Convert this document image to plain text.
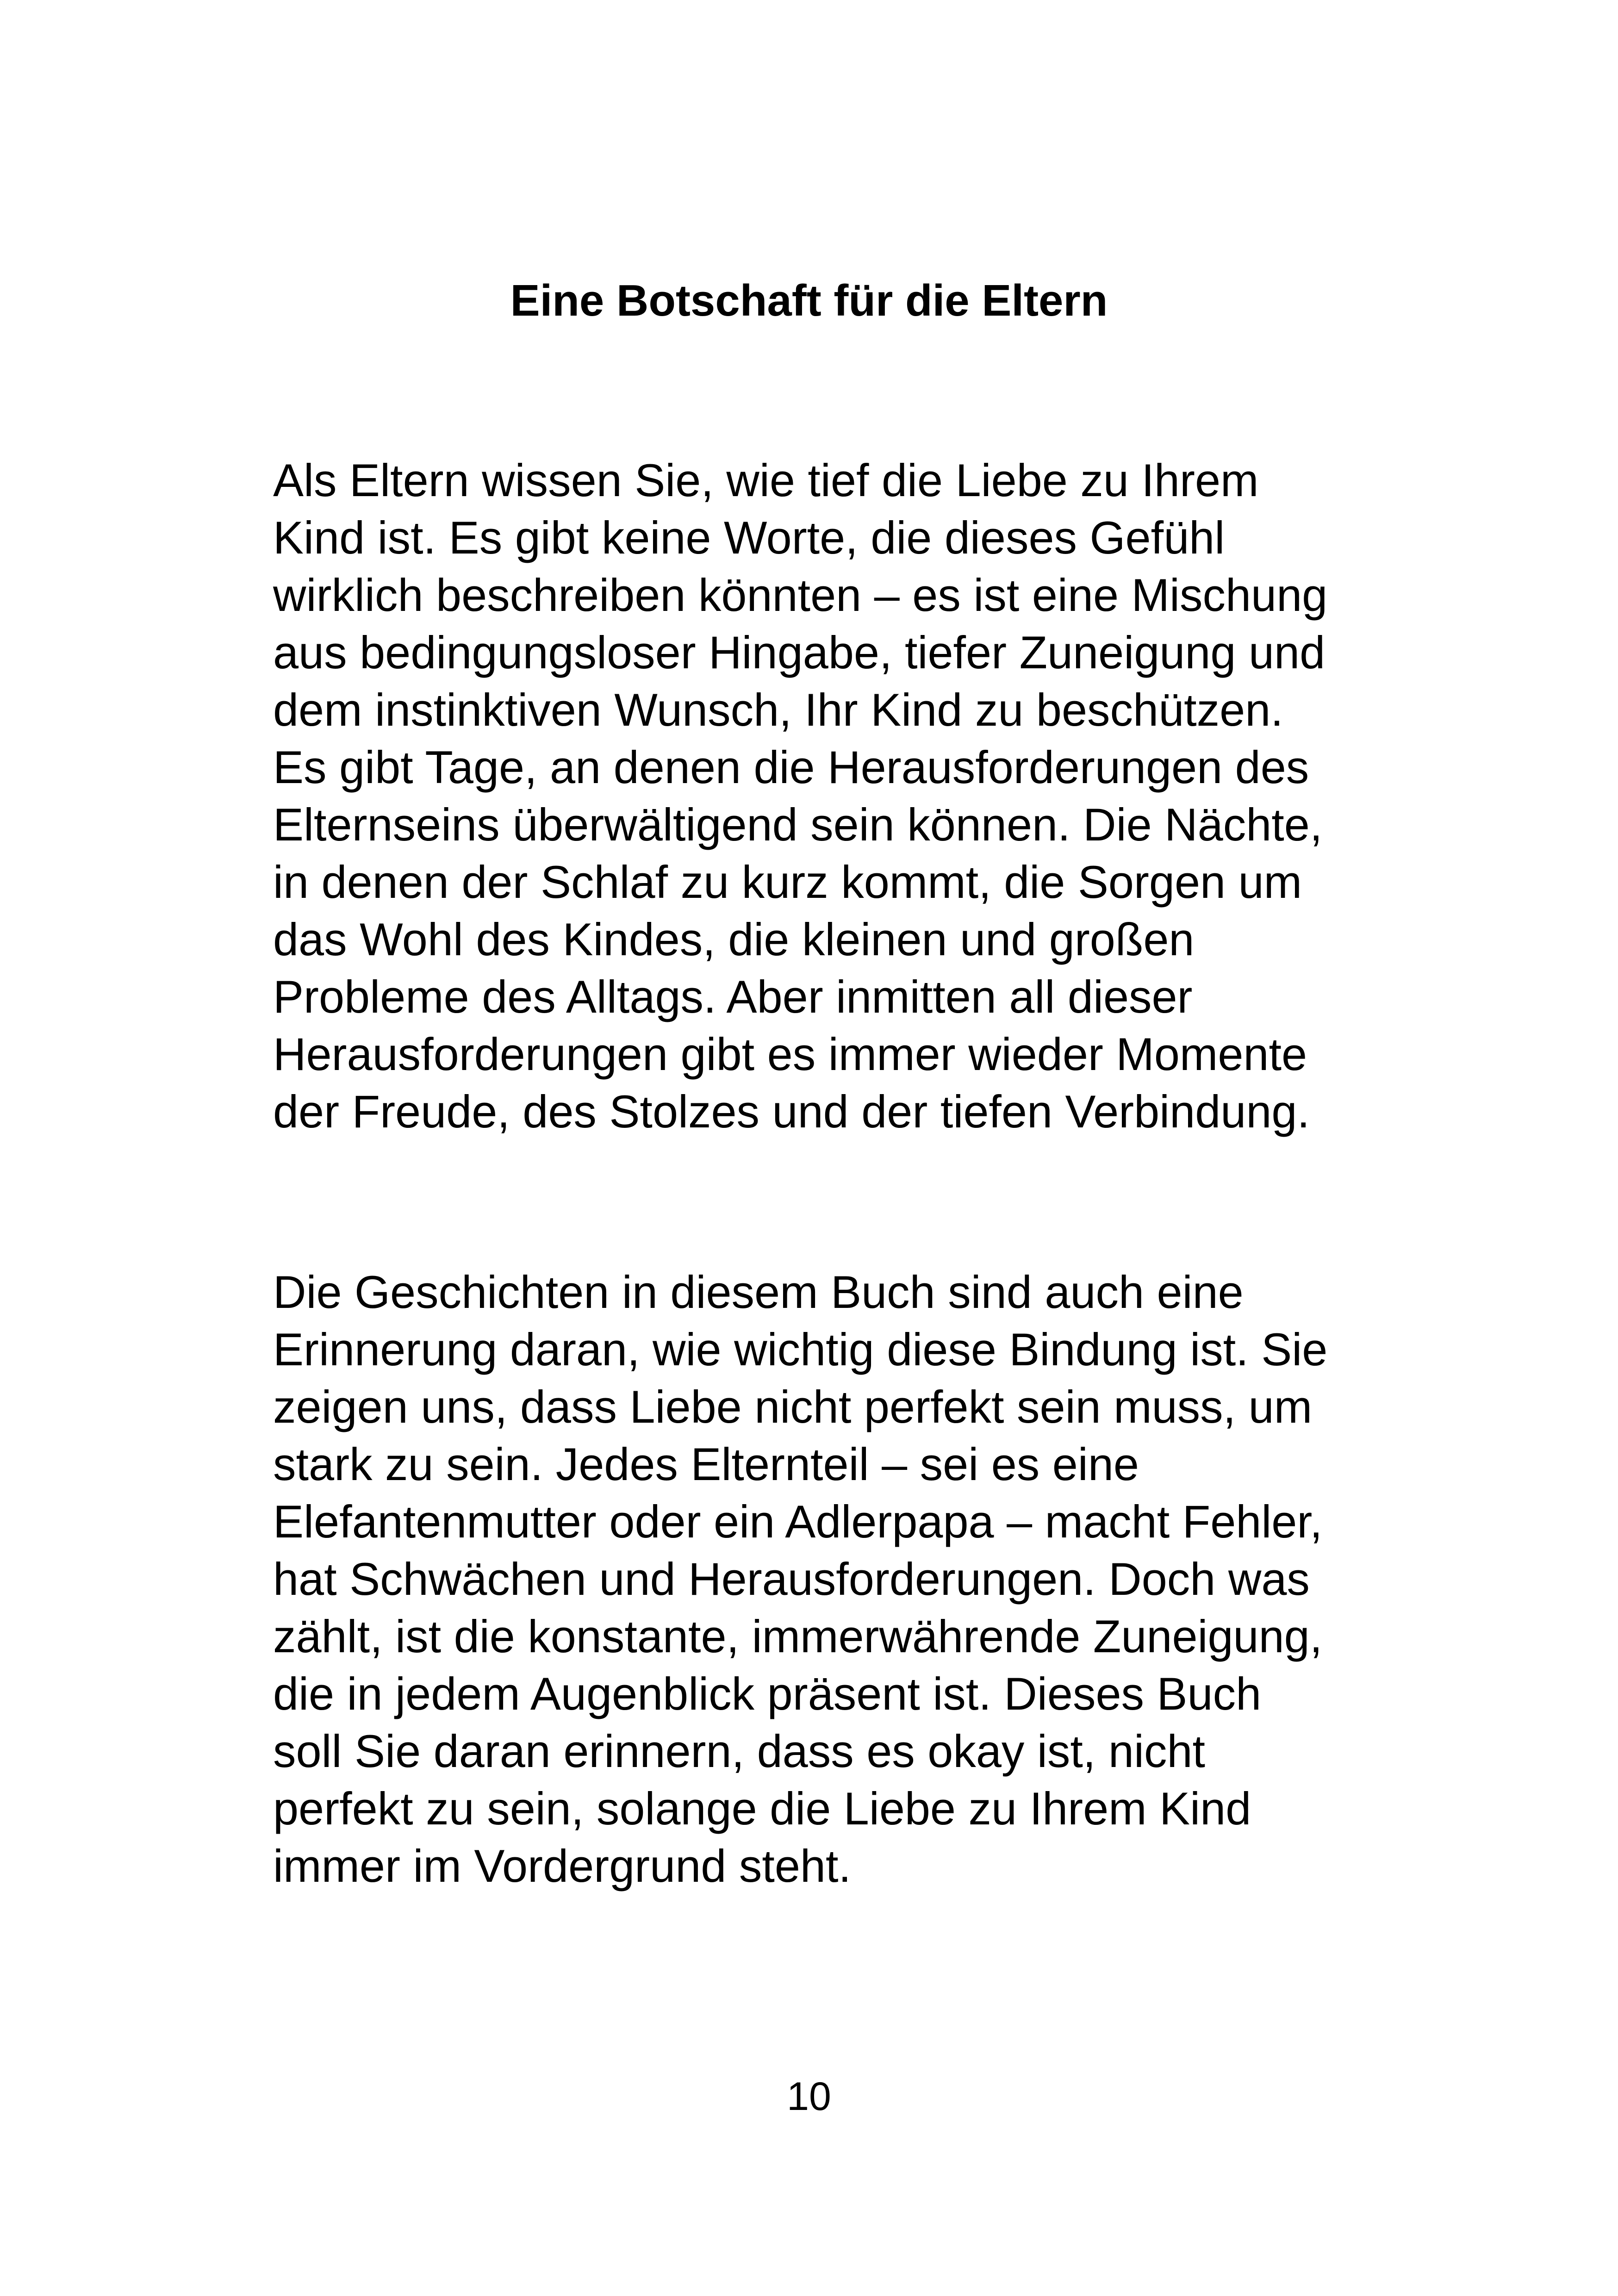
Eine Botschaft für die Eltern

Als Eltern wissen Sie, wie tief die Liebe zu Ihrem
Kind ist. Es gibt keine Worte, die dieses Gefühl
wirklich beschreiben könnten – es ist eine Mischung
aus bedingungsloser Hingabe, tiefer Zuneigung und
dem instinktiven Wunsch, Ihr Kind zu beschützen.
Es gibt Tage, an denen die Herausforderungen des
Elternseins überwältigend sein können. Die Nächte,
in denen der Schlaf zu kurz kommt, die Sorgen um
das Wohl des Kindes, die kleinen und großen
Probleme des Alltags. Aber inmitten all dieser
Herausforderungen gibt es immer wieder Momente
der Freude, des Stolzes und der tiefen Verbindung.

Die Geschichten in diesem Buch sind auch eine
Erinnerung daran, wie wichtig diese Bindung ist. Sie
zeigen uns, dass Liebe nicht perfekt sein muss, um
stark zu sein. Jedes Elternteil – sei es eine
Elefantenmutter oder ein Adlerpapa – macht Fehler,
hat Schwächen und Herausforderungen. Doch was
zählt, ist die konstante, immerwährende Zuneigung,
die in jedem Augenblick präsent ist. Dieses Buch
soll Sie daran erinnern, dass es okay ist, nicht
perfekt zu sein, solange die Liebe zu Ihrem Kind
immer im Vordergrund steht.

10
